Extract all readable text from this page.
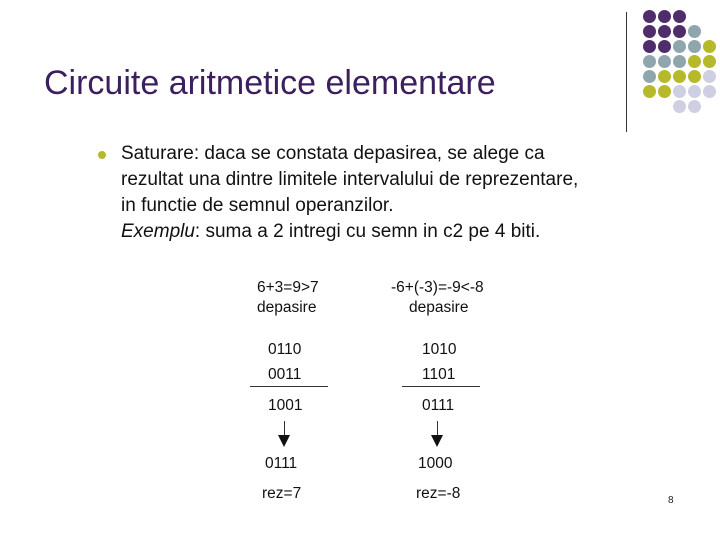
Circuite aritmetice elementare
Saturare: daca se constata depasirea, se alege ca
rezultat una dintre limitele intervalului de reprezentare,
in functie de semnul operanzilor.
Exemplu: suma a 2 intregi cu semn in c2 pe 4 biti.
6+3=9>7
depasire
0110
0011
1001
0111
rez=7
-6+(-3)=-9<-8
depasire
1010
1101
0111
1000
rez=-8	8
